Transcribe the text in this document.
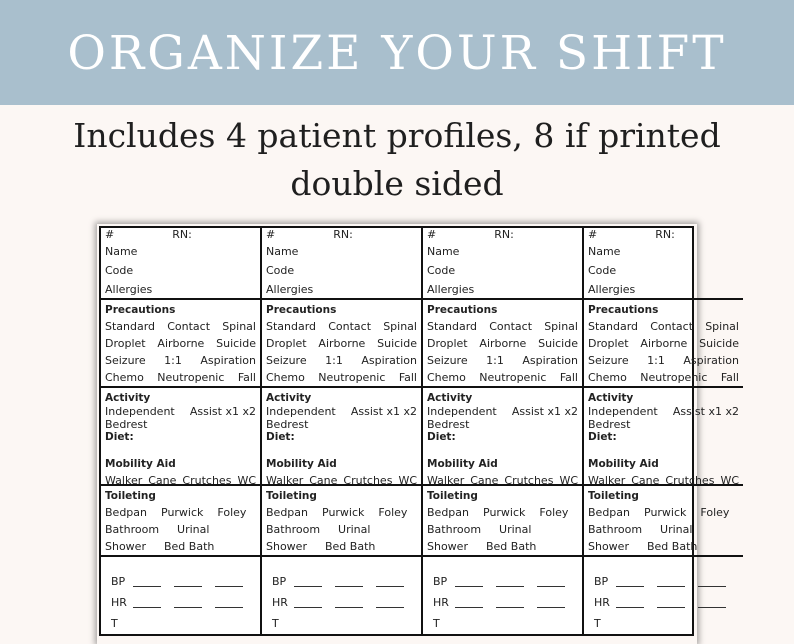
ORGANIZE YOUR SHIFT
Includes 4 patient profiles, 8 if printed double sided
#	RN:
Name
Code
Allergies
Precautions
Standard Contact Spinal
Droplet Airborne Suicide
Seizure 1:1 Aspiration
Chemo Neutropenic Fall
Activity
Independent Assist x1 x2
Bedrest
Diet:
Mobility Aid
Walker Cane Crutches WC
Toileting
Bedpan Purwick Foley
Bathroom Urinal
Shower Bed Bath
BP
HR
T
#	RN:
Name
Code
Allergies
Precautions
Standard Contact Spinal
Droplet Airborne Suicide
Seizure 1:1 Aspiration
Chemo Neutropenic Fall
Activity
Independent Assist x1 x2
Bedrest
Diet:
Mobility Aid
Walker Cane Crutches WC
Toileting
Bedpan Purwick Foley
Bathroom Urinal
Shower Bed Bath
BP
HR
T
#	RN:
Name
Code
Allergies
Precautions
Standard Contact Spinal
Droplet Airborne Suicide
Seizure 1:1 Aspiration
Chemo Neutropenic Fall
Activity
Independent Assist x1 x2
Bedrest
Diet:
Mobility Aid
Walker Cane Crutches WC
Toileting
Bedpan Purwick Foley
Bathroom Urinal
Shower Bed Bath
BP
HR
T
#	RN:
Name
Code
Allergies
Precautions
Standard Contact Spinal
Droplet Airborne Suicide
Seizure 1:1 Aspiration
Chemo Neutropenic Fall
Activity
Independent Assist x1 x2
Bedrest
Diet:
Mobility Aid
Walker Cane Crutches WC
Toileting
Bedpan Purwick Foley
Bathroom Urinal
Shower Bed Bath
BP
HR
T
